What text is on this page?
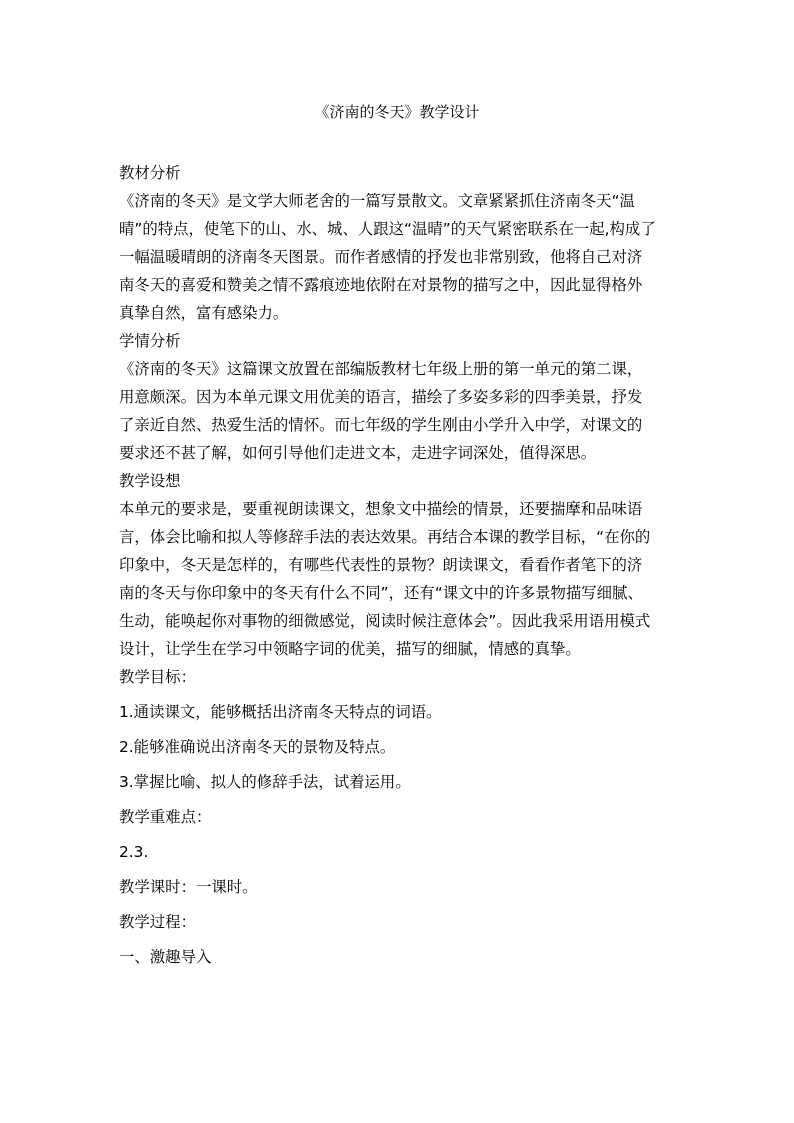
《济南的冬天》教学设计

教材分析

《济南的冬天》是文学大师老舍的一篇写景散文。文章紧紧抓住济南冬天“温

晴”的特点，使笔下的山、水、城、人跟这“温晴”的天气紧密联系在一起,构成了

一幅温暖晴朗的济南冬天图景。而作者感情的抒发也非常别致，他将自己对济

南冬天的喜爱和赞美之情不露痕迹地依附在对景物的描写之中，因此显得格外

真挚自然，富有感染力。

学情分析

《济南的冬天》这篇课文放置在部编版教材七年级上册的第一单元的第二课，

用意颇深。因为本单元课文用优美的语言，描绘了多姿多彩的四季美景，抒发

了亲近自然、热爱生活的情怀。而七年级的学生刚由小学升入中学，对课文的

要求还不甚了解，如何引导他们走进文本，走进字词深处，值得深思。

教学设想

本单元的要求是，要重视朗读课文，想象文中描绘的情景，还要揣摩和品味语

言，体会比喻和拟人等修辞手法的表达效果。再结合本课的教学目标，“在你的

印象中，冬天是怎样的，有哪些代表性的景物？朗读课文，看看作者笔下的济

南的冬天与你印象中的冬天有什么不同”，还有“课文中的许多景物描写细腻、

生动，能唤起你对事物的细微感觉，阅读时候注意体会”。因此我采用语用模式

设计，让学生在学习中领略字词的优美，描写的细腻，情感的真挚。

教学目标：

1.通读课文，能够概括出济南冬天特点的词语。

2.能够准确说出济南冬天的景物及特点。

3.掌握比喻、拟人的修辞手法，试着运用。

教学重难点：

2.3.

教学课时：一课时。

教学过程：

一、激趣导入
